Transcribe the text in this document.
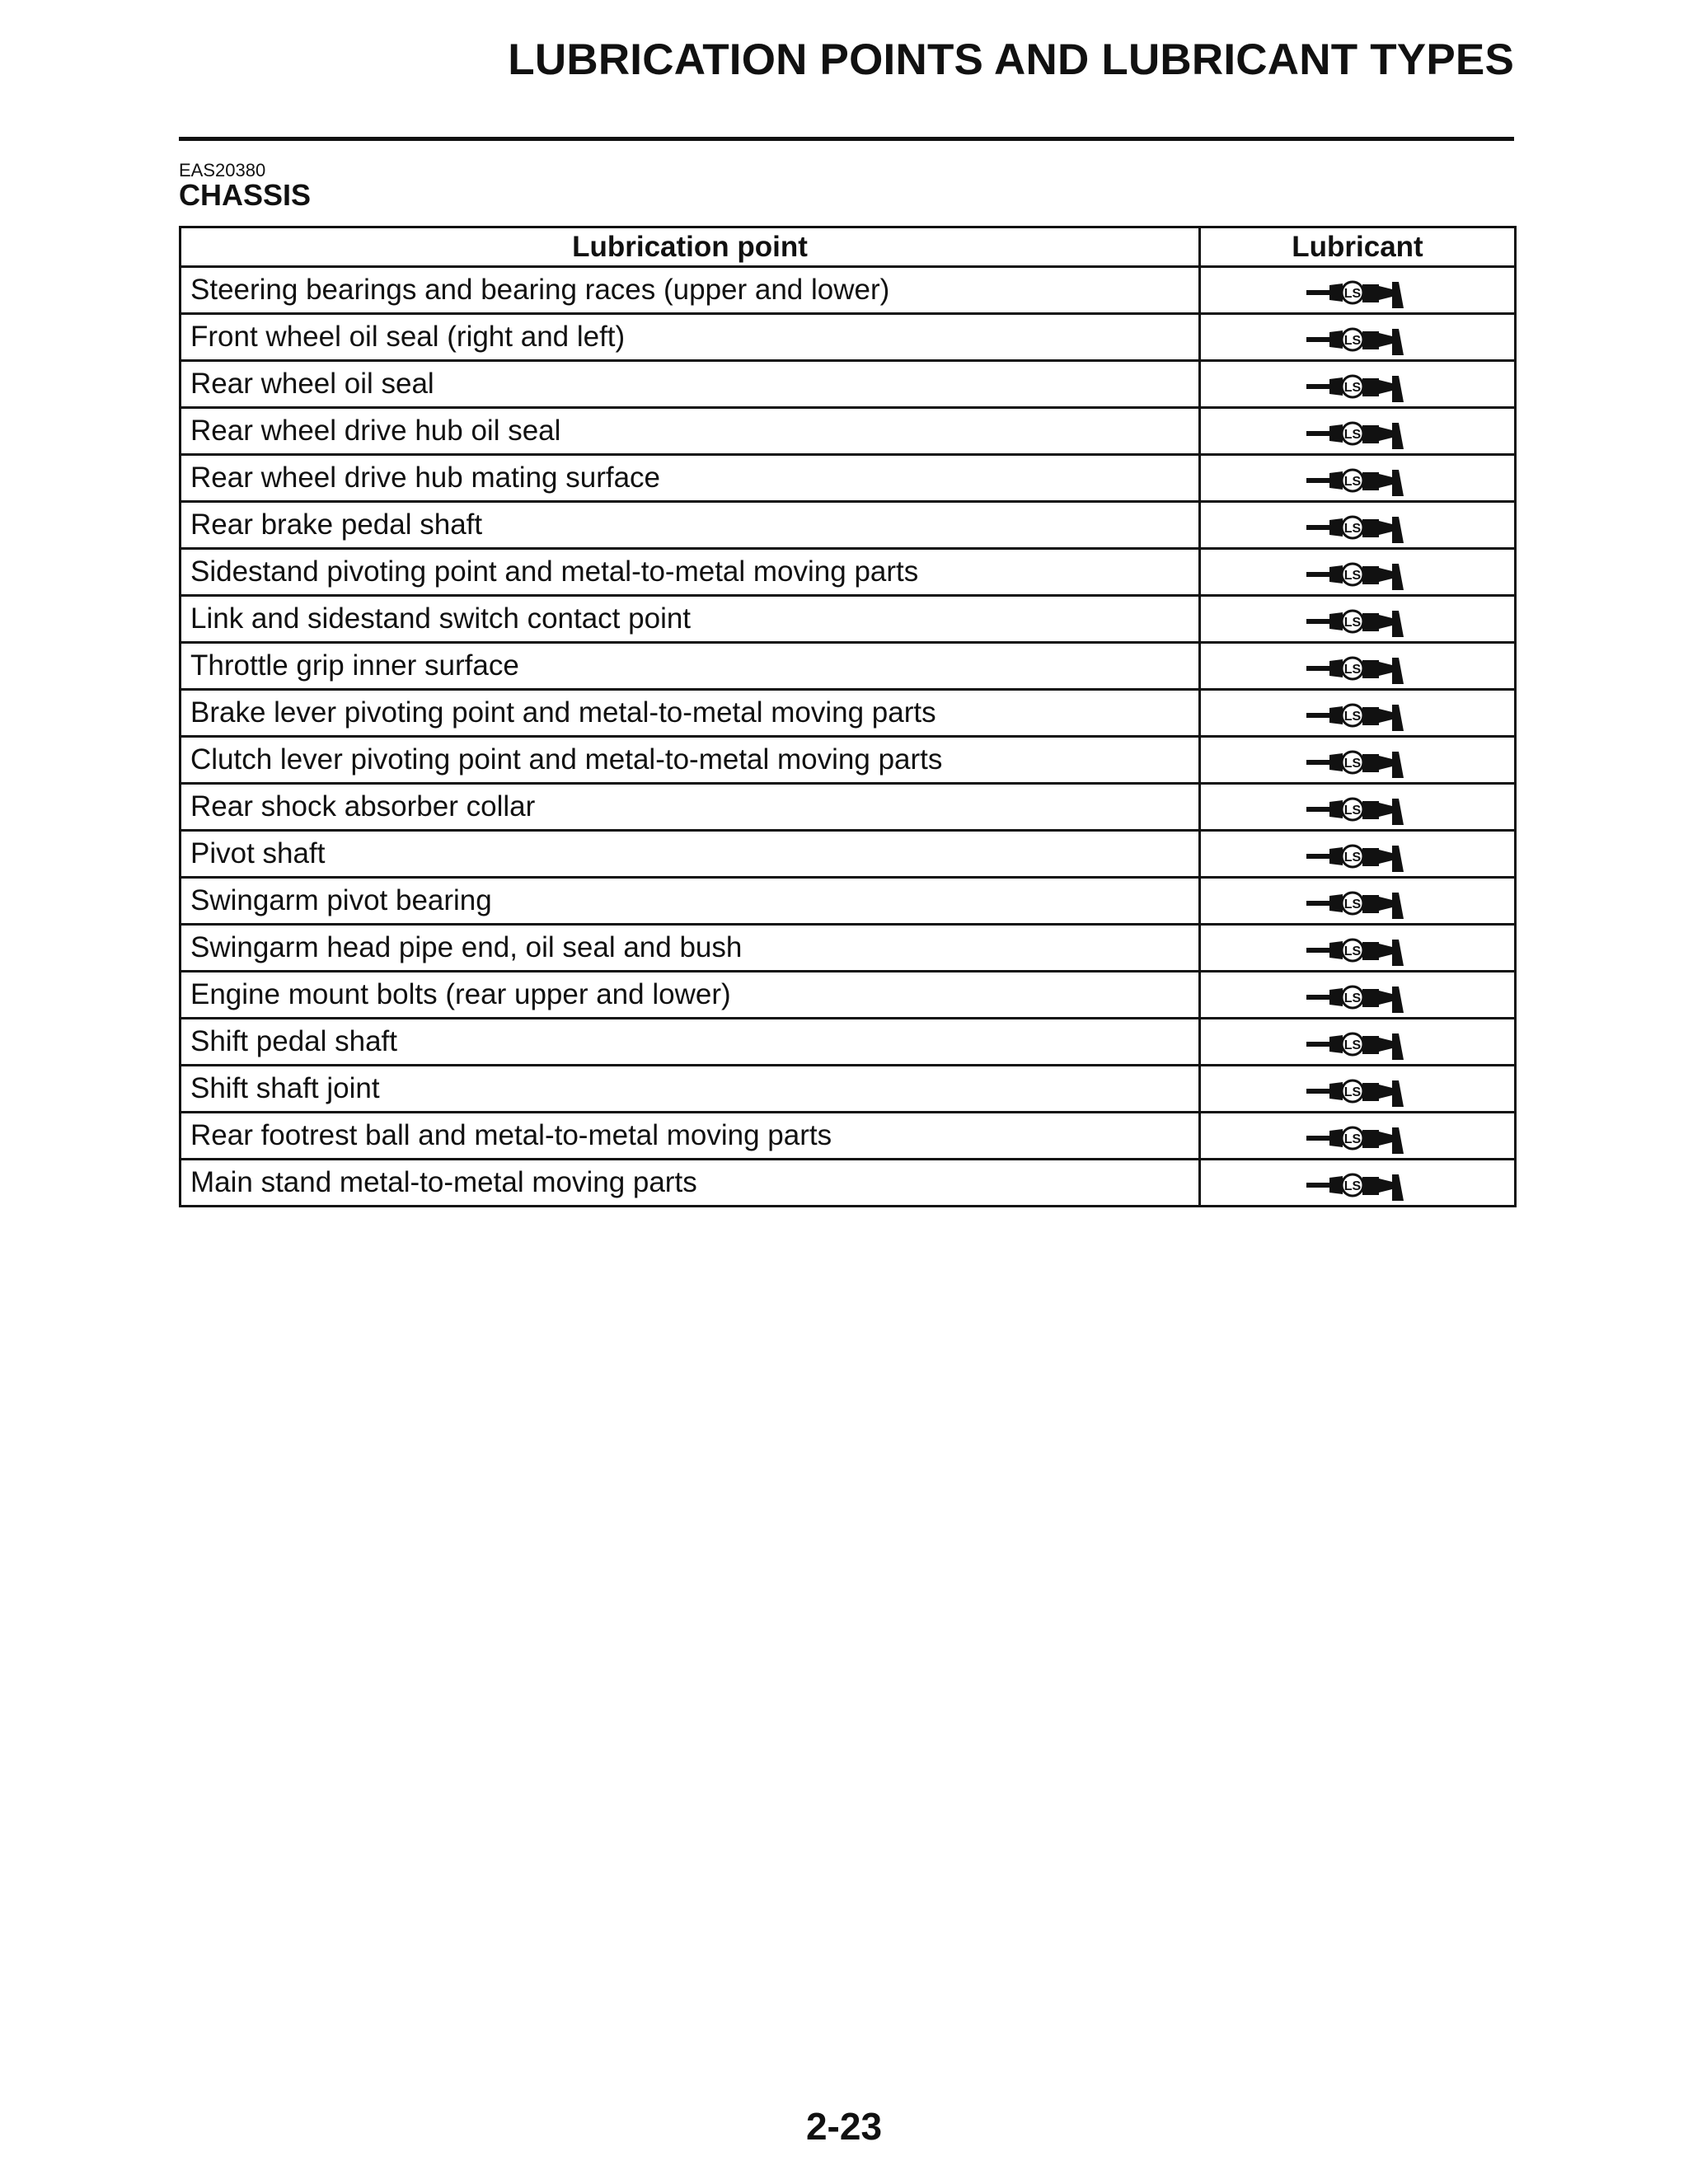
LUBRICATION POINTS AND LUBRICANT TYPES
EAS20380
CHASSIS
Lubrication point	Lubricant
Steering bearings and bearing races (upper and lower)	LS

Front wheel oil seal (right and left)	LS

Rear wheel oil seal	LS

Rear wheel drive hub oil seal	LS

Rear wheel drive hub mating surface	LS

Rear brake pedal shaft	LS

Sidestand pivoting point and metal-to-metal moving parts	LS

Link and sidestand switch contact point	LS

Throttle grip inner surface	LS

Brake lever pivoting point and metal-to-metal moving parts	LS

Clutch lever pivoting point and metal-to-metal moving parts	LS

Rear shock absorber collar	LS

Pivot shaft	LS

Swingarm pivot bearing	LS

Swingarm head pipe end, oil seal and bush	LS

Engine mount bolts (rear upper and lower)	LS

Shift pedal shaft	LS

Shift shaft joint	LS

Rear footrest ball and metal-to-metal moving parts	LS

Main stand metal-to-metal moving parts	LS
2-23
